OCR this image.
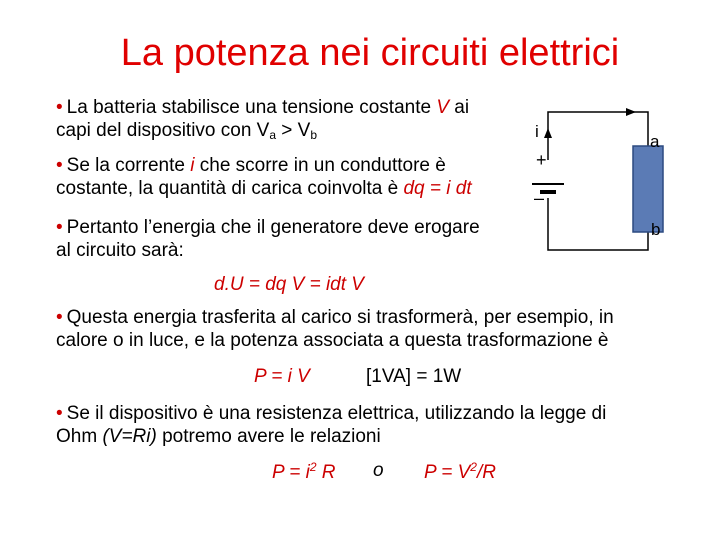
La potenza nei circuiti elettrici
• La batteria stabilisce una tensione costante V ai
capi del dispositivo con $V_a > V_b$
• Se la corrente i che scorre in un conduttore è
costante, la quantità di carica coinvolta è dq = i dt
• Pertanto l’energia che il generatore deve erogare
al circuito sarà:
d.U = dq V = idt V
• Questa energia trasferita al carico si trasformerà, per esempio, in
calore o in luce, e la potenza associata a questa trasformazione è
P = i V	[1VA] = 1W
• Se il dispositivo è una resistenza elettrica, utilizzando la legge di
Ohm (V=Ri) potremo avere le relazioni
$P = i^2$ R o $P = V^2/R$
i
a
b
+
–
